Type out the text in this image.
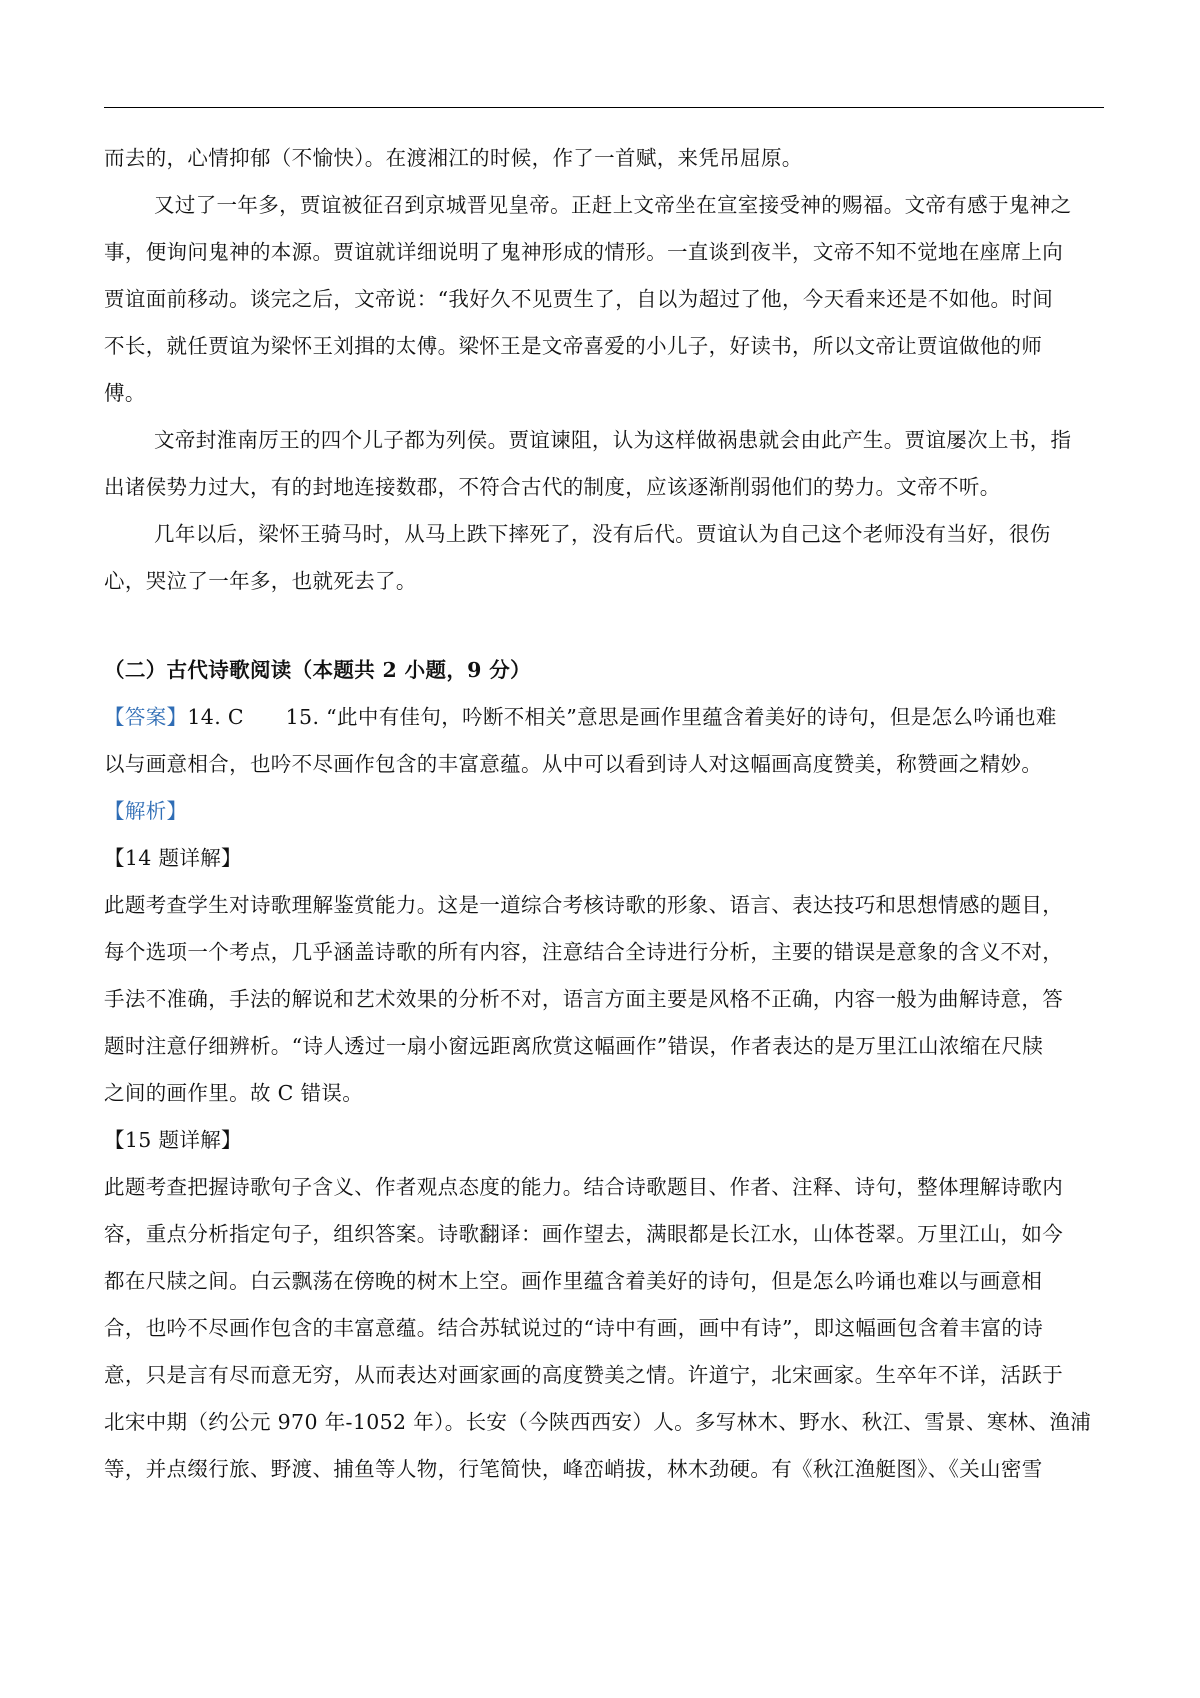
而去的，心情抑郁（不愉快）。在渡湘江的时候，作了一首赋，来凭吊屈原。
又过了一年多，贾谊被征召到京城晋见皇帝。正赶上文帝坐在宣室接受神的赐福。文帝有感于鬼神之
事，便询问鬼神的本源。贾谊就详细说明了鬼神形成的情形。一直谈到夜半，文帝不知不觉地在座席上向
贾谊面前移动。谈完之后，文帝说：“我好久不见贾生了，自以为超过了他，今天看来还是不如他。时间
不长，就任贾谊为梁怀王刘揖的太傅。梁怀王是文帝喜爱的小儿子，好读书，所以文帝让贾谊做他的师
傅。
文帝封淮南厉王的四个儿子都为列侯。贾谊谏阻，认为这样做祸患就会由此产生。贾谊屡次上书，指
出诸侯势力过大，有的封地连接数郡，不符合古代的制度，应该逐渐削弱他们的势力。文帝不听。
几年以后，梁怀王骑马时，从马上跌下摔死了，没有后代。贾谊认为自己这个老师没有当好，很伤
心，哭泣了一年多，也就死去了。
（二）古代诗歌阅读（本题共 2 小题，9 分）
【答案】14. C　　15. “此中有佳句，吟断不相关”意思是画作里蕴含着美好的诗句，但是怎么吟诵也难
以与画意相合，也吟不尽画作包含的丰富意蕴。从中可以看到诗人对这幅画高度赞美，称赞画之精妙。
【解析】
【14 题详解】
此题考查学生对诗歌理解鉴赏能力。这是一道综合考核诗歌的形象、语言、表达技巧和思想情感的题目，
每个选项一个考点，几乎涵盖诗歌的所有内容，注意结合全诗进行分析，主要的错误是意象的含义不对，
手法不准确，手法的解说和艺术效果的分析不对，语言方面主要是风格不正确，内容一般为曲解诗意，答
题时注意仔细辨析。“诗人透过一扇小窗远距离欣赏这幅画作”错误，作者表达的是万里江山浓缩在尺牍
之间的画作里。故 C 错误。
【15 题详解】
此题考查把握诗歌句子含义、作者观点态度的能力。结合诗歌题目、作者、注释、诗句，整体理解诗歌内
容，重点分析指定句子，组织答案。诗歌翻译：画作望去，满眼都是长江水，山体苍翠。万里江山，如今
都在尺牍之间。白云飘荡在傍晚的树木上空。画作里蕴含着美好的诗句，但是怎么吟诵也难以与画意相
合，也吟不尽画作包含的丰富意蕴。结合苏轼说过的“诗中有画，画中有诗”，即这幅画包含着丰富的诗
意，只是言有尽而意无穷，从而表达对画家画的高度赞美之情。许道宁，北宋画家。生卒年不详，活跃于
北宋中期（约公元 970 年-1052 年）。长安（今陕西西安）人。多写林木、野水、秋江、雪景、寒林、渔浦
等，并点缀行旅、野渡、捕鱼等人物，行笔简快，峰峦峭拔，林木劲硬。有《秋江渔艇图》、《关山密雪
